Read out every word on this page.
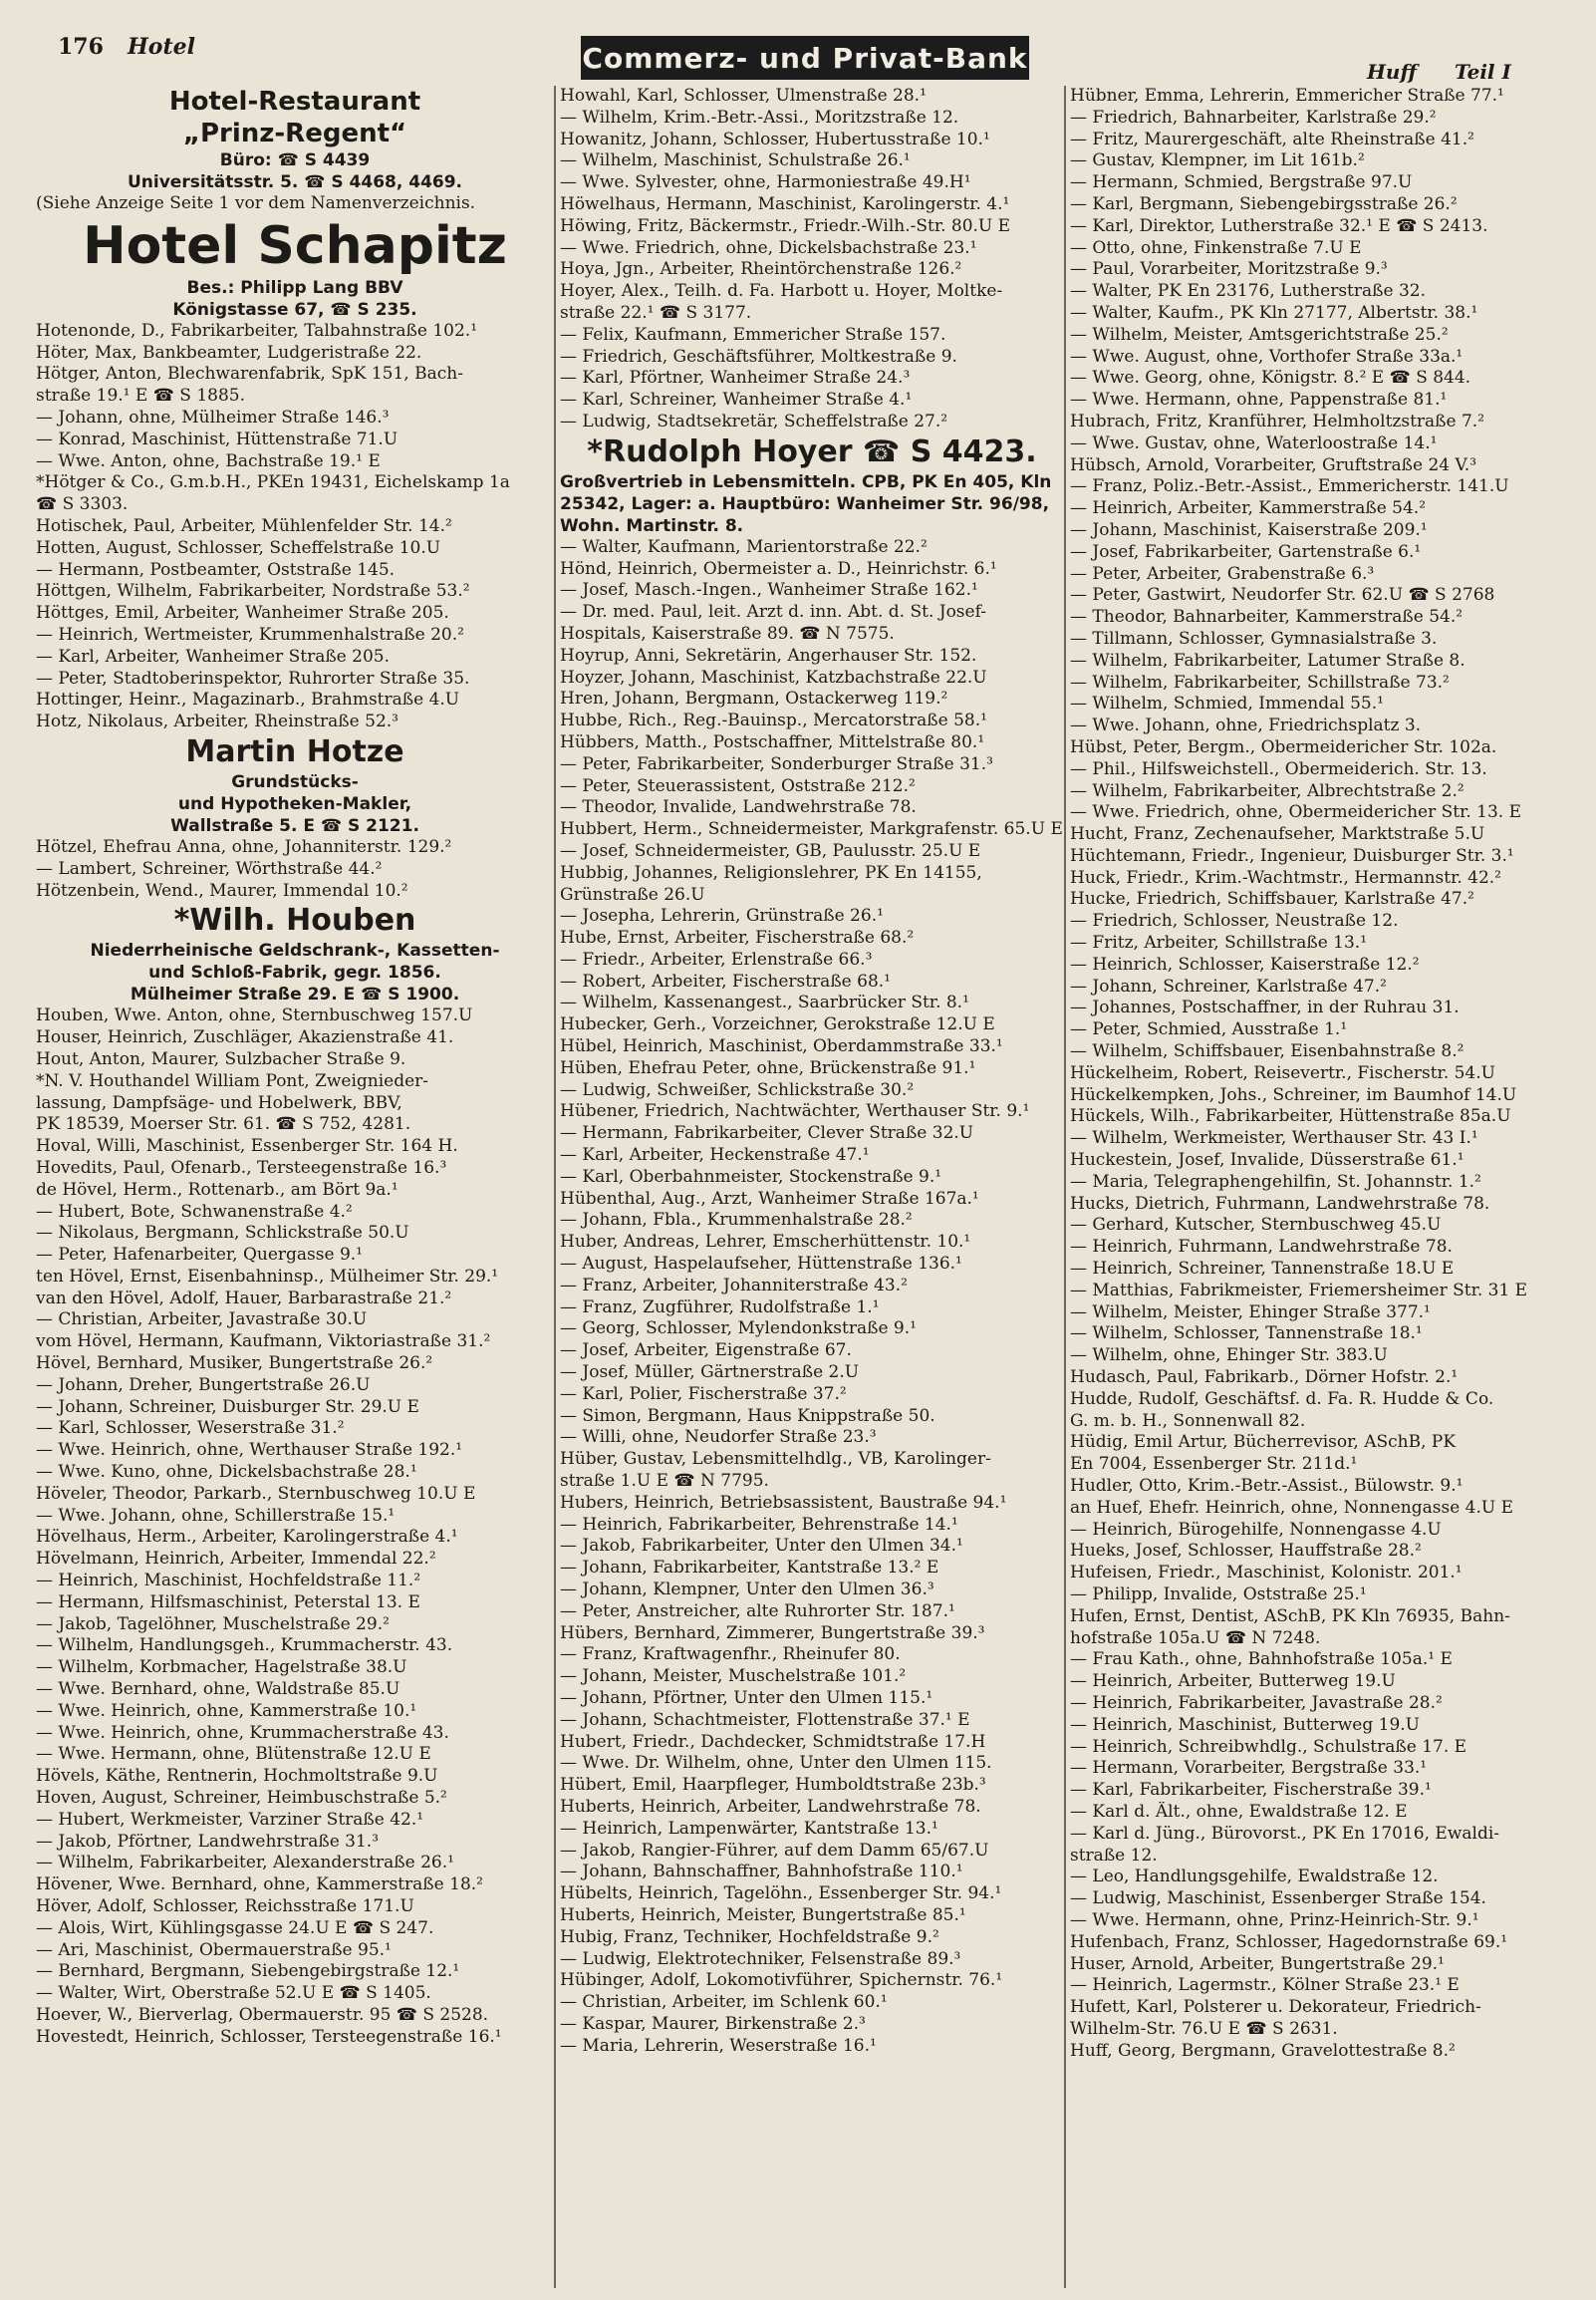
176 Hotel	Commerz- und Privat-Bank	Huff Teil I
Hotel-Restaurant
„Prinz-Regent“
Büro: ☎ S 4439
Universitätsstr. 5. ☎ S 4468, 4469.
(Siehe Anzeige Seite 1 vor dem Namenverzeichnis.
Hotel Schapitz
Bes.: Philipp Lang BBV
Königstasse 67, ☎ S 235.
Hotenonde, D., Fabrikarbeiter, Talbahnstraße 102.¹
Höter, Max, Bankbeamter, Ludgeristraße 22.
Hötger, Anton, Blechwarenfabrik, SpK 151, Bach-
straße 19.¹ E ☎ S 1885.
— Johann, ohne, Mülheimer Straße 146.³
— Konrad, Maschinist, Hüttenstraße 71.U
— Wwe. Anton, ohne, Bachstraße 19.¹ E
*Hötger & Co., G.m.b.H., PKEn 19431, Eichelskamp 1a
☎ S 3303.
Hotischek, Paul, Arbeiter, Mühlenfelder Str. 14.²
Hotten, August, Schlosser, Scheffelstraße 10.U
— Hermann, Postbeamter, Oststraße 145.
Höttgen, Wilhelm, Fabrikarbeiter, Nordstraße 53.²
Höttges, Emil, Arbeiter, Wanheimer Straße 205.
— Heinrich, Wertmeister, Krummenhalstraße 20.²
— Karl, Arbeiter, Wanheimer Straße 205.
— Peter, Stadtoberinspektor, Ruhrorter Straße 35.
Hottinger, Heinr., Magazinarb., Brahmstraße 4.U
Hotz, Nikolaus, Arbeiter, Rheinstraße 52.³
Martin Hotze
Grundstücks-
und Hypotheken-Makler,
Wallstraße 5. E ☎ S 2121.
Hötzel, Ehefrau Anna, ohne, Johanniterstr. 129.²
— Lambert, Schreiner, Wörthstraße 44.²
Hötzenbein, Wend., Maurer, Immendal 10.²
*Wilh. Houben
Niederrheinische Geldschrank-, Kassetten-
und Schloß-Fabrik, gegr. 1856.
Mülheimer Straße 29. E ☎ S 1900.
Houben, Wwe. Anton, ohne, Sternbuschweg 157.U
Houser, Heinrich, Zuschläger, Akazienstraße 41.
Hout, Anton, Maurer, Sulzbacher Straße 9.
*N. V. Houthandel William Pont, Zweignieder-
lassung, Dampfsäge- und Hobelwerk, BBV,
PK 18539, Moerser Str. 61. ☎ S 752, 4281.
Hoval, Willi, Maschinist, Essenberger Str. 164 H.
Hovedits, Paul, Ofenarb., Tersteegenstraße 16.³
de Hövel, Herm., Rottenarb., am Bört 9a.¹
— Hubert, Bote, Schwanenstraße 4.²
— Nikolaus, Bergmann, Schlickstraße 50.U
— Peter, Hafenarbeiter, Quergasse 9.¹
ten Hövel, Ernst, Eisenbahninsp., Mülheimer Str. 29.¹
van den Hövel, Adolf, Hauer, Barbarastraße 21.²
— Christian, Arbeiter, Javastraße 30.U
vom Hövel, Hermann, Kaufmann, Viktoriastraße 31.²
Hövel, Bernhard, Musiker, Bungertstraße 26.²
— Johann, Dreher, Bungertstraße 26.U
— Johann, Schreiner, Duisburger Str. 29.U E
— Karl, Schlosser, Weserstraße 31.²
— Wwe. Heinrich, ohne, Werthauser Straße 192.¹
— Wwe. Kuno, ohne, Dickelsbachstraße 28.¹
Höveler, Theodor, Parkarb., Sternbuschweg 10.U E
— Wwe. Johann, ohne, Schillerstraße 15.¹
Hövelhaus, Herm., Arbeiter, Karolingerstraße 4.¹
Hövelmann, Heinrich, Arbeiter, Immendal 22.²
— Heinrich, Maschinist, Hochfeldstraße 11.²
— Hermann, Hilfsmaschinist, Peterstal 13. E
— Jakob, Tagelöhner, Muschelstraße 29.²
— Wilhelm, Handlungsgeh., Krummacherstr. 43.
— Wilhelm, Korbmacher, Hagelstraße 38.U
— Wwe. Bernhard, ohne, Waldstraße 85.U
— Wwe. Heinrich, ohne, Kammerstraße 10.¹
— Wwe. Heinrich, ohne, Krummacherstraße 43.
— Wwe. Hermann, ohne, Blütenstraße 12.U E
Hövels, Käthe, Rentnerin, Hochmoltstraße 9.U
Hoven, August, Schreiner, Heimbuschstraße 5.²
— Hubert, Werkmeister, Varziner Straße 42.¹
— Jakob, Pförtner, Landwehrstraße 31.³
— Wilhelm, Fabrikarbeiter, Alexanderstraße 26.¹
Hövener, Wwe. Bernhard, ohne, Kammerstraße 18.²
Höver, Adolf, Schlosser, Reichsstraße 171.U
— Alois, Wirt, Kühlingsgasse 24.U E ☎ S 247.
— Ari, Maschinist, Obermauerstraße 95.¹
— Bernhard, Bergmann, Siebengebirgstraße 12.¹
— Walter, Wirt, Oberstraße 52.U E ☎ S 1405.
Hoever, W., Bierverlag, Obermauerstr. 95 ☎ S 2528.
Hovestedt, Heinrich, Schlosser, Tersteegenstraße 16.¹
Howahl, Karl, Schlosser, Ulmenstraße 28.¹
— Wilhelm, Krim.-Betr.-Assi., Moritzstraße 12.
Howanitz, Johann, Schlosser, Hubertusstraße 10.¹
— Wilhelm, Maschinist, Schulstraße 26.¹
— Wwe. Sylvester, ohne, Harmoniestraße 49.H¹
Höwelhaus, Hermann, Maschinist, Karolingerstr. 4.¹
Höwing, Fritz, Bäckermstr., Friedr.-Wilh.-Str. 80.U E
— Wwe. Friedrich, ohne, Dickelsbachstraße 23.¹
Hoya, Jgn., Arbeiter, Rheintörchenstraße 126.²
Hoyer, Alex., Teilh. d. Fa. Harbott u. Hoyer, Moltke-
straße 22.¹ ☎ S 3177.
— Felix, Kaufmann, Emmericher Straße 157.
— Friedrich, Geschäftsführer, Moltkestraße 9.
— Karl, Pförtner, Wanheimer Straße 24.³
— Karl, Schreiner, Wanheimer Straße 4.¹
— Ludwig, Stadtsekretär, Scheffelstraße 27.²
*Rudolph Hoyer ☎ S 4423.
Großvertrieb in Lebensmitteln. CPB, PK En 405, Kln 25342, Lager: a. Hauptbüro: Wanheimer Str. 96/98, Wohn. Martinstr. 8.
— Walter, Kaufmann, Marientorstraße 22.²
Hönd, Heinrich, Obermeister a. D., Heinrichstr. 6.¹
— Josef, Masch.-Ingen., Wanheimer Straße 162.¹
— Dr. med. Paul, leit. Arzt d. inn. Abt. d. St. Josef-
Hospitals, Kaiserstraße 89. ☎ N 7575.
Hoyrup, Anni, Sekretärin, Angerhauser Str. 152.
Hoyzer, Johann, Maschinist, Katzbachstraße 22.U
Hren, Johann, Bergmann, Ostackerweg 119.²
Hubbe, Rich., Reg.-Bauinsp., Mercatorstraße 58.¹
Hübbers, Matth., Postschaffner, Mittelstraße 80.¹
— Peter, Fabrikarbeiter, Sonderburger Straße 31.³
— Peter, Steuerassistent, Oststraße 212.²
— Theodor, Invalide, Landwehrstraße 78.
Hubbert, Herm., Schneidermeister, Markgrafenstr. 65.U E
— Josef, Schneidermeister, GB, Paulusstr. 25.U E
Hubbig, Johannes, Religionslehrer, PK En 14155,
Grünstraße 26.U
— Josepha, Lehrerin, Grünstraße 26.¹
Hube, Ernst, Arbeiter, Fischerstraße 68.²
— Friedr., Arbeiter, Erlenstraße 66.³
— Robert, Arbeiter, Fischerstraße 68.¹
— Wilhelm, Kassenangest., Saarbrücker Str. 8.¹
Hubecker, Gerh., Vorzeichner, Gerokstraße 12.U E
Hübel, Heinrich, Maschinist, Oberdammstraße 33.¹
Hüben, Ehefrau Peter, ohne, Brückenstraße 91.¹
— Ludwig, Schweißer, Schlickstraße 30.²
Hübener, Friedrich, Nachtwächter, Werthauser Str. 9.¹
— Hermann, Fabrikarbeiter, Clever Straße 32.U
— Karl, Arbeiter, Heckenstraße 47.¹
— Karl, Oberbahnmeister, Stockenstraße 9.¹
Hübenthal, Aug., Arzt, Wanheimer Straße 167a.¹
— Johann, Fbla., Krummenhalstraße 28.²
Huber, Andreas, Lehrer, Emscherhüttenstr. 10.¹
— August, Haspelaufseher, Hüttenstraße 136.¹
— Franz, Arbeiter, Johanniterstraße 43.²
— Franz, Zugführer, Rudolfstraße 1.¹
— Georg, Schlosser, Mylendonkstraße 9.¹
— Josef, Arbeiter, Eigenstraße 67.
— Josef, Müller, Gärtnerstraße 2.U
— Karl, Polier, Fischerstraße 37.²
— Simon, Bergmann, Haus Knippstraße 50.
— Willi, ohne, Neudorfer Straße 23.³
Hüber, Gustav, Lebensmittelhdlg., VB, Karolinger-
straße 1.U E ☎ N 7795.
Hubers, Heinrich, Betriebsassistent, Baustraße 94.¹
— Heinrich, Fabrikarbeiter, Behrenstraße 14.¹
— Jakob, Fabrikarbeiter, Unter den Ulmen 34.¹
— Johann, Fabrikarbeiter, Kantstraße 13.² E
— Johann, Klempner, Unter den Ulmen 36.³
— Peter, Anstreicher, alte Ruhrorter Str. 187.¹
Hübers, Bernhard, Zimmerer, Bungertstraße 39.³
— Franz, Kraftwagenfhr., Rheinufer 80.
— Johann, Meister, Muschelstraße 101.²
— Johann, Pförtner, Unter den Ulmen 115.¹
— Johann, Schachtmeister, Flottenstraße 37.¹ E
Hubert, Friedr., Dachdecker, Schmidtstraße 17.H
— Wwe. Dr. Wilhelm, ohne, Unter den Ulmen 115.
Hübert, Emil, Haarpfleger, Humboldtstraße 23b.³
Huberts, Heinrich, Arbeiter, Landwehrstraße 78.
— Heinrich, Lampenwärter, Kantstraße 13.¹
— Jakob, Rangier-Führer, auf dem Damm 65/67.U
— Johann, Bahnschaffner, Bahnhofstraße 110.¹
Hübelts, Heinrich, Tagelöhn., Essenberger Str. 94.¹
Huberts, Heinrich, Meister, Bungertstraße 85.¹
Hubig, Franz, Techniker, Hochfeldstraße 9.²
— Ludwig, Elektrotechniker, Felsenstraße 89.³
Hübinger, Adolf, Lokomotivführer, Spichernstr. 76.¹
— Christian, Arbeiter, im Schlenk 60.¹
— Kaspar, Maurer, Birkenstraße 2.³
— Maria, Lehrerin, Weserstraße 16.¹
Hübner, Emma, Lehrerin, Emmericher Straße 77.¹
— Friedrich, Bahnarbeiter, Karlstraße 29.²
— Fritz, Maurergeschäft, alte Rheinstraße 41.²
— Gustav, Klempner, im Lit 161b.²
— Hermann, Schmied, Bergstraße 97.U
— Karl, Bergmann, Siebengebirgsstraße 26.²
— Karl, Direktor, Lutherstraße 32.¹ E ☎ S 2413.
— Otto, ohne, Finkenstraße 7.U E
— Paul, Vorarbeiter, Moritzstraße 9.³
— Walter, PK En 23176, Lutherstraße 32.
— Walter, Kaufm., PK Kln 27177, Albertstr. 38.¹
— Wilhelm, Meister, Amtsgerichtstraße 25.²
— Wwe. August, ohne, Vorthofer Straße 33a.¹
— Wwe. Georg, ohne, Königstr. 8.² E ☎ S 844.
— Wwe. Hermann, ohne, Pappenstraße 81.¹
Hubrach, Fritz, Kranführer, Helmholtzstraße 7.²
— Wwe. Gustav, ohne, Waterloostraße 14.¹
Hübsch, Arnold, Vorarbeiter, Gruftstraße 24 V.³
— Franz, Poliz.-Betr.-Assist., Emmericherstr. 141.U
— Heinrich, Arbeiter, Kammerstraße 54.²
— Johann, Maschinist, Kaiserstraße 209.¹
— Josef, Fabrikarbeiter, Gartenstraße 6.¹
— Peter, Arbeiter, Grabenstraße 6.³
— Peter, Gastwirt, Neudorfer Str. 62.U ☎ S 2768
— Theodor, Bahnarbeiter, Kammerstraße 54.²
— Tillmann, Schlosser, Gymnasialstraße 3.
— Wilhelm, Fabrikarbeiter, Latumer Straße 8.
— Wilhelm, Fabrikarbeiter, Schillstraße 73.²
— Wilhelm, Schmied, Immendal 55.¹
— Wwe. Johann, ohne, Friedrichsplatz 3.
Hübst, Peter, Bergm., Obermeidericher Str. 102a.
— Phil., Hilfsweichstell., Obermeiderich. Str. 13.
— Wilhelm, Fabrikarbeiter, Albrechtstraße 2.²
— Wwe. Friedrich, ohne, Obermeidericher Str. 13. E
Hucht, Franz, Zechenaufseher, Marktstraße 5.U
Hüchtemann, Friedr., Ingenieur, Duisburger Str. 3.¹
Huck, Friedr., Krim.-Wachtmstr., Hermannstr. 42.²
Hucke, Friedrich, Schiffsbauer, Karlstraße 47.²
— Friedrich, Schlosser, Neustraße 12.
— Fritz, Arbeiter, Schillstraße 13.¹
— Heinrich, Schlosser, Kaiserstraße 12.²
— Johann, Schreiner, Karlstraße 47.²
— Johannes, Postschaffner, in der Ruhrau 31.
— Peter, Schmied, Ausstraße 1.¹
— Wilhelm, Schiffsbauer, Eisenbahnstraße 8.²
Hückelheim, Robert, Reisevertr., Fischerstr. 54.U
Hückelkempken, Johs., Schreiner, im Baumhof 14.U
Hückels, Wilh., Fabrikarbeiter, Hüttenstraße 85a.U
— Wilhelm, Werkmeister, Werthauser Str. 43 I.¹
Huckestein, Josef, Invalide, Düsserstraße 61.¹
— Maria, Telegraphengehilfin, St. Johannstr. 1.²
Hucks, Dietrich, Fuhrmann, Landwehrstraße 78.
— Gerhard, Kutscher, Sternbuschweg 45.U
— Heinrich, Fuhrmann, Landwehrstraße 78.
— Heinrich, Schreiner, Tannenstraße 18.U E
— Matthias, Fabrikmeister, Friemersheimer Str. 31 E
— Wilhelm, Meister, Ehinger Straße 377.¹
— Wilhelm, Schlosser, Tannenstraße 18.¹
— Wilhelm, ohne, Ehinger Str. 383.U
Hudasch, Paul, Fabrikarb., Dörner Hofstr. 2.¹
Hudde, Rudolf, Geschäftsf. d. Fa. R. Hudde & Co.
G. m. b. H., Sonnenwall 82.
Hüdig, Emil Artur, Bücherrevisor, ASchB, PK
En 7004, Essenberger Str. 211d.¹
Hudler, Otto, Krim.-Betr.-Assist., Bülowstr. 9.¹
an Huef, Ehefr. Heinrich, ohne, Nonnengasse 4.U E
— Heinrich, Bürogehilfe, Nonnengasse 4.U
Hueks, Josef, Schlosser, Hauffstraße 28.²
Hufeisen, Friedr., Maschinist, Kolonistr. 201.¹
— Philipp, Invalide, Oststraße 25.¹
Hufen, Ernst, Dentist, ASchB, PK Kln 76935, Bahn-
hofstraße 105a.U ☎ N 7248.
— Frau Kath., ohne, Bahnhofstraße 105a.¹ E
— Heinrich, Arbeiter, Butterweg 19.U
— Heinrich, Fabrikarbeiter, Javastraße 28.²
— Heinrich, Maschinist, Butterweg 19.U
— Heinrich, Schreibwhdlg., Schulstraße 17. E
— Hermann, Vorarbeiter, Bergstraße 33.¹
— Karl, Fabrikarbeiter, Fischerstraße 39.¹
— Karl d. Ält., ohne, Ewaldstraße 12. E
— Karl d. Jüng., Bürovorst., PK En 17016, Ewaldi-
straße 12.
— Leo, Handlungsgehilfe, Ewaldstraße 12.
— Ludwig, Maschinist, Essenberger Straße 154.
— Wwe. Hermann, ohne, Prinz-Heinrich-Str. 9.¹
Hufenbach, Franz, Schlosser, Hagedornstraße 69.¹
Huser, Arnold, Arbeiter, Bungertstraße 29.¹
— Heinrich, Lagermstr., Kölner Straße 23.¹ E
Hufett, Karl, Polsterer u. Dekorateur, Friedrich-
Wilhelm-Str. 76.U E ☎ S 2631.
Huff, Georg, Bergmann, Gravelottestraße 8.²
